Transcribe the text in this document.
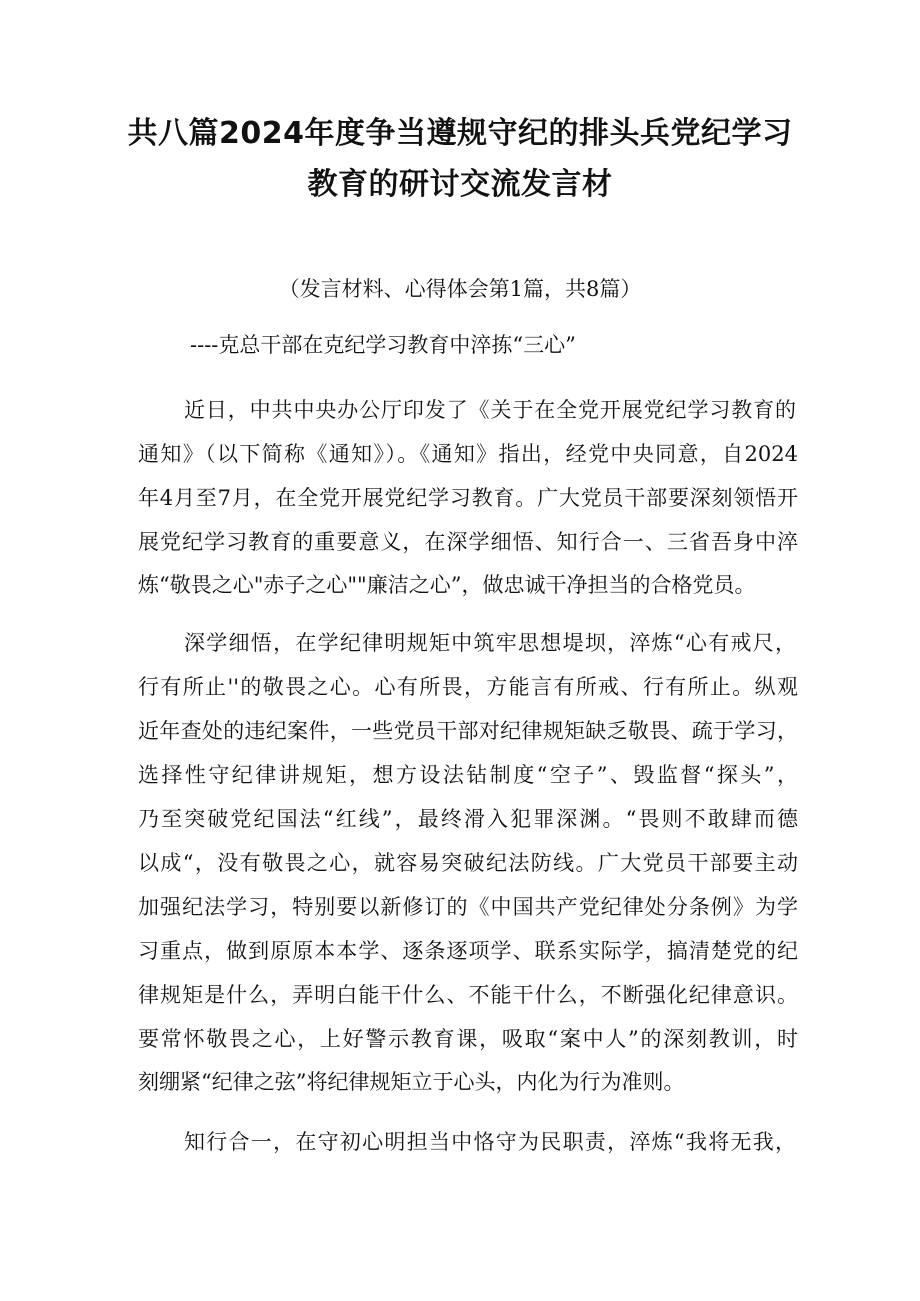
共八篇2024年度争当遵规守纪的排头兵党纪学习
教育的研讨交流发言材
（发言材料、心得体会第1篇，共8篇）
----克总干部在克纪学习教育中淬拣“三心”
近日，中共中央办公厅印发了《关于在全党开展党纪学习教育的
通知》（以下简称《通知》）。《通知》指出，经党中央同意，自2024
年4月至7月，在全党开展党纪学习教育。广大党员干部要深刻领悟开
展党纪学习教育的重要意义，在深学细悟、知行合一、三省吾身中淬
炼“敬畏之心"赤子之心""廉洁之心”，做忠诚干净担当的合格党员。
深学细悟，在学纪律明规矩中筑牢思想堤坝，淬炼“心有戒尺，
行有所止''的敬畏之心。心有所畏，方能言有所戒、行有所止。纵观
近年查处的违纪案件，一些党员干部对纪律规矩缺乏敬畏、疏于学习，
选择性守纪律讲规矩，想方设法钻制度“空子”、毁监督“探头”，
乃至突破党纪国法“红线”，最终滑入犯罪深渊。“畏则不敢肆而德
以成“，没有敬畏之心，就容易突破纪法防线。广大党员干部要主动
加强纪法学习，特别要以新修订的《中国共产党纪律处分条例》为学
习重点，做到原原本本学、逐条逐项学、联系实际学，搞清楚党的纪
律规矩是什么，弄明白能干什么、不能干什么，不断强化纪律意识。
要常怀敬畏之心，上好警示教育课，吸取“案中人”的深刻教训，时
刻绷紧“纪律之弦”将纪律规矩立于心头，内化为行为准则。
知行合一，在守初心明担当中恪守为民职责，淬炼“我将无我，
